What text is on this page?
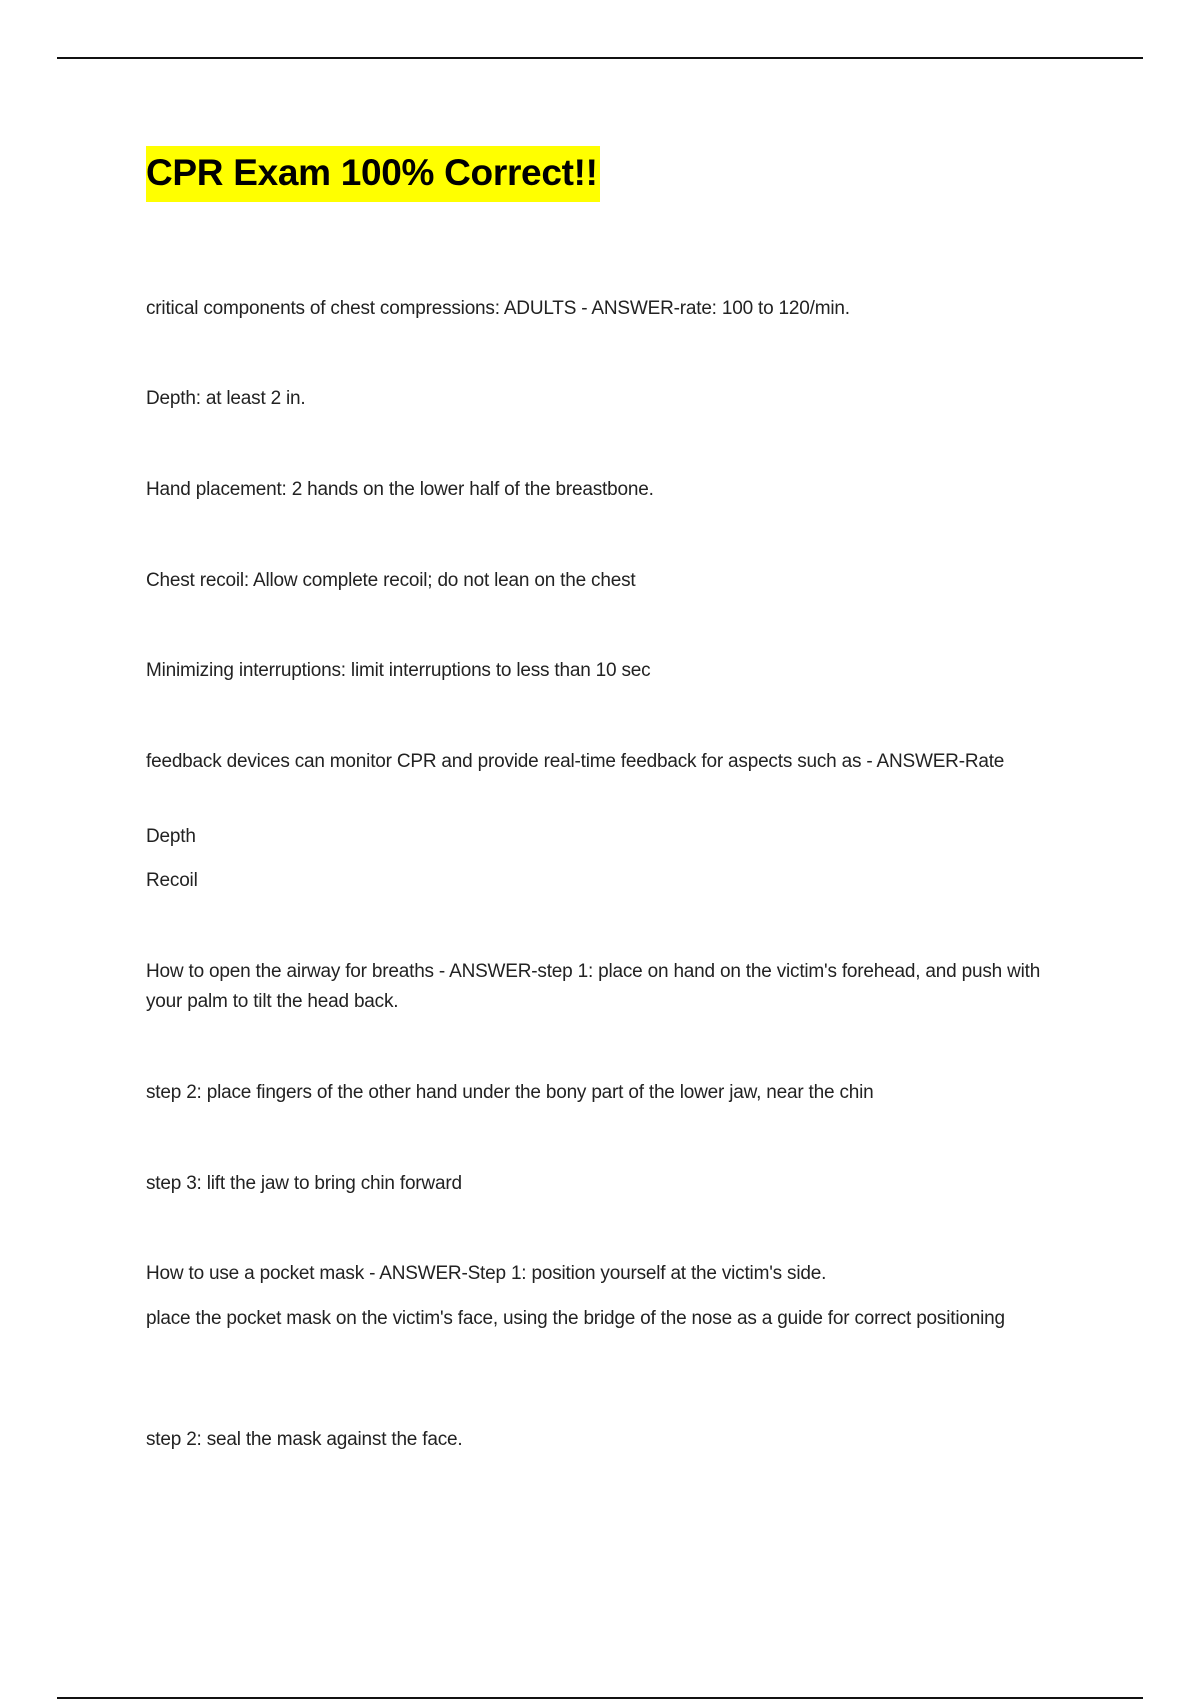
CPR Exam 100% Correct!!

critical components of chest compressions: ADULTS - ANSWER-rate: 100 to 120/min.

Depth: at least 2 in.

Hand placement: 2 hands on the lower half of the breastbone.

Chest recoil: Allow complete recoil; do not lean on the chest

Minimizing interruptions: limit interruptions to less than 10 sec

feedback devices can monitor CPR and provide real-time feedback for aspects such as - ANSWER-Rate

Depth

Recoil

How to open the airway for breaths - ANSWER-step 1: place on hand on the victim's forehead, and push with your palm to tilt the head back.

step 2: place fingers of the other hand under the bony part of the lower jaw, near the chin

step 3: lift the jaw to bring chin forward

How to use a pocket mask - ANSWER-Step 1: position yourself at the victim's side.

place the pocket mask on the victim's face, using the bridge of the nose as a guide for correct positioning

step 2: seal the mask against the face.
